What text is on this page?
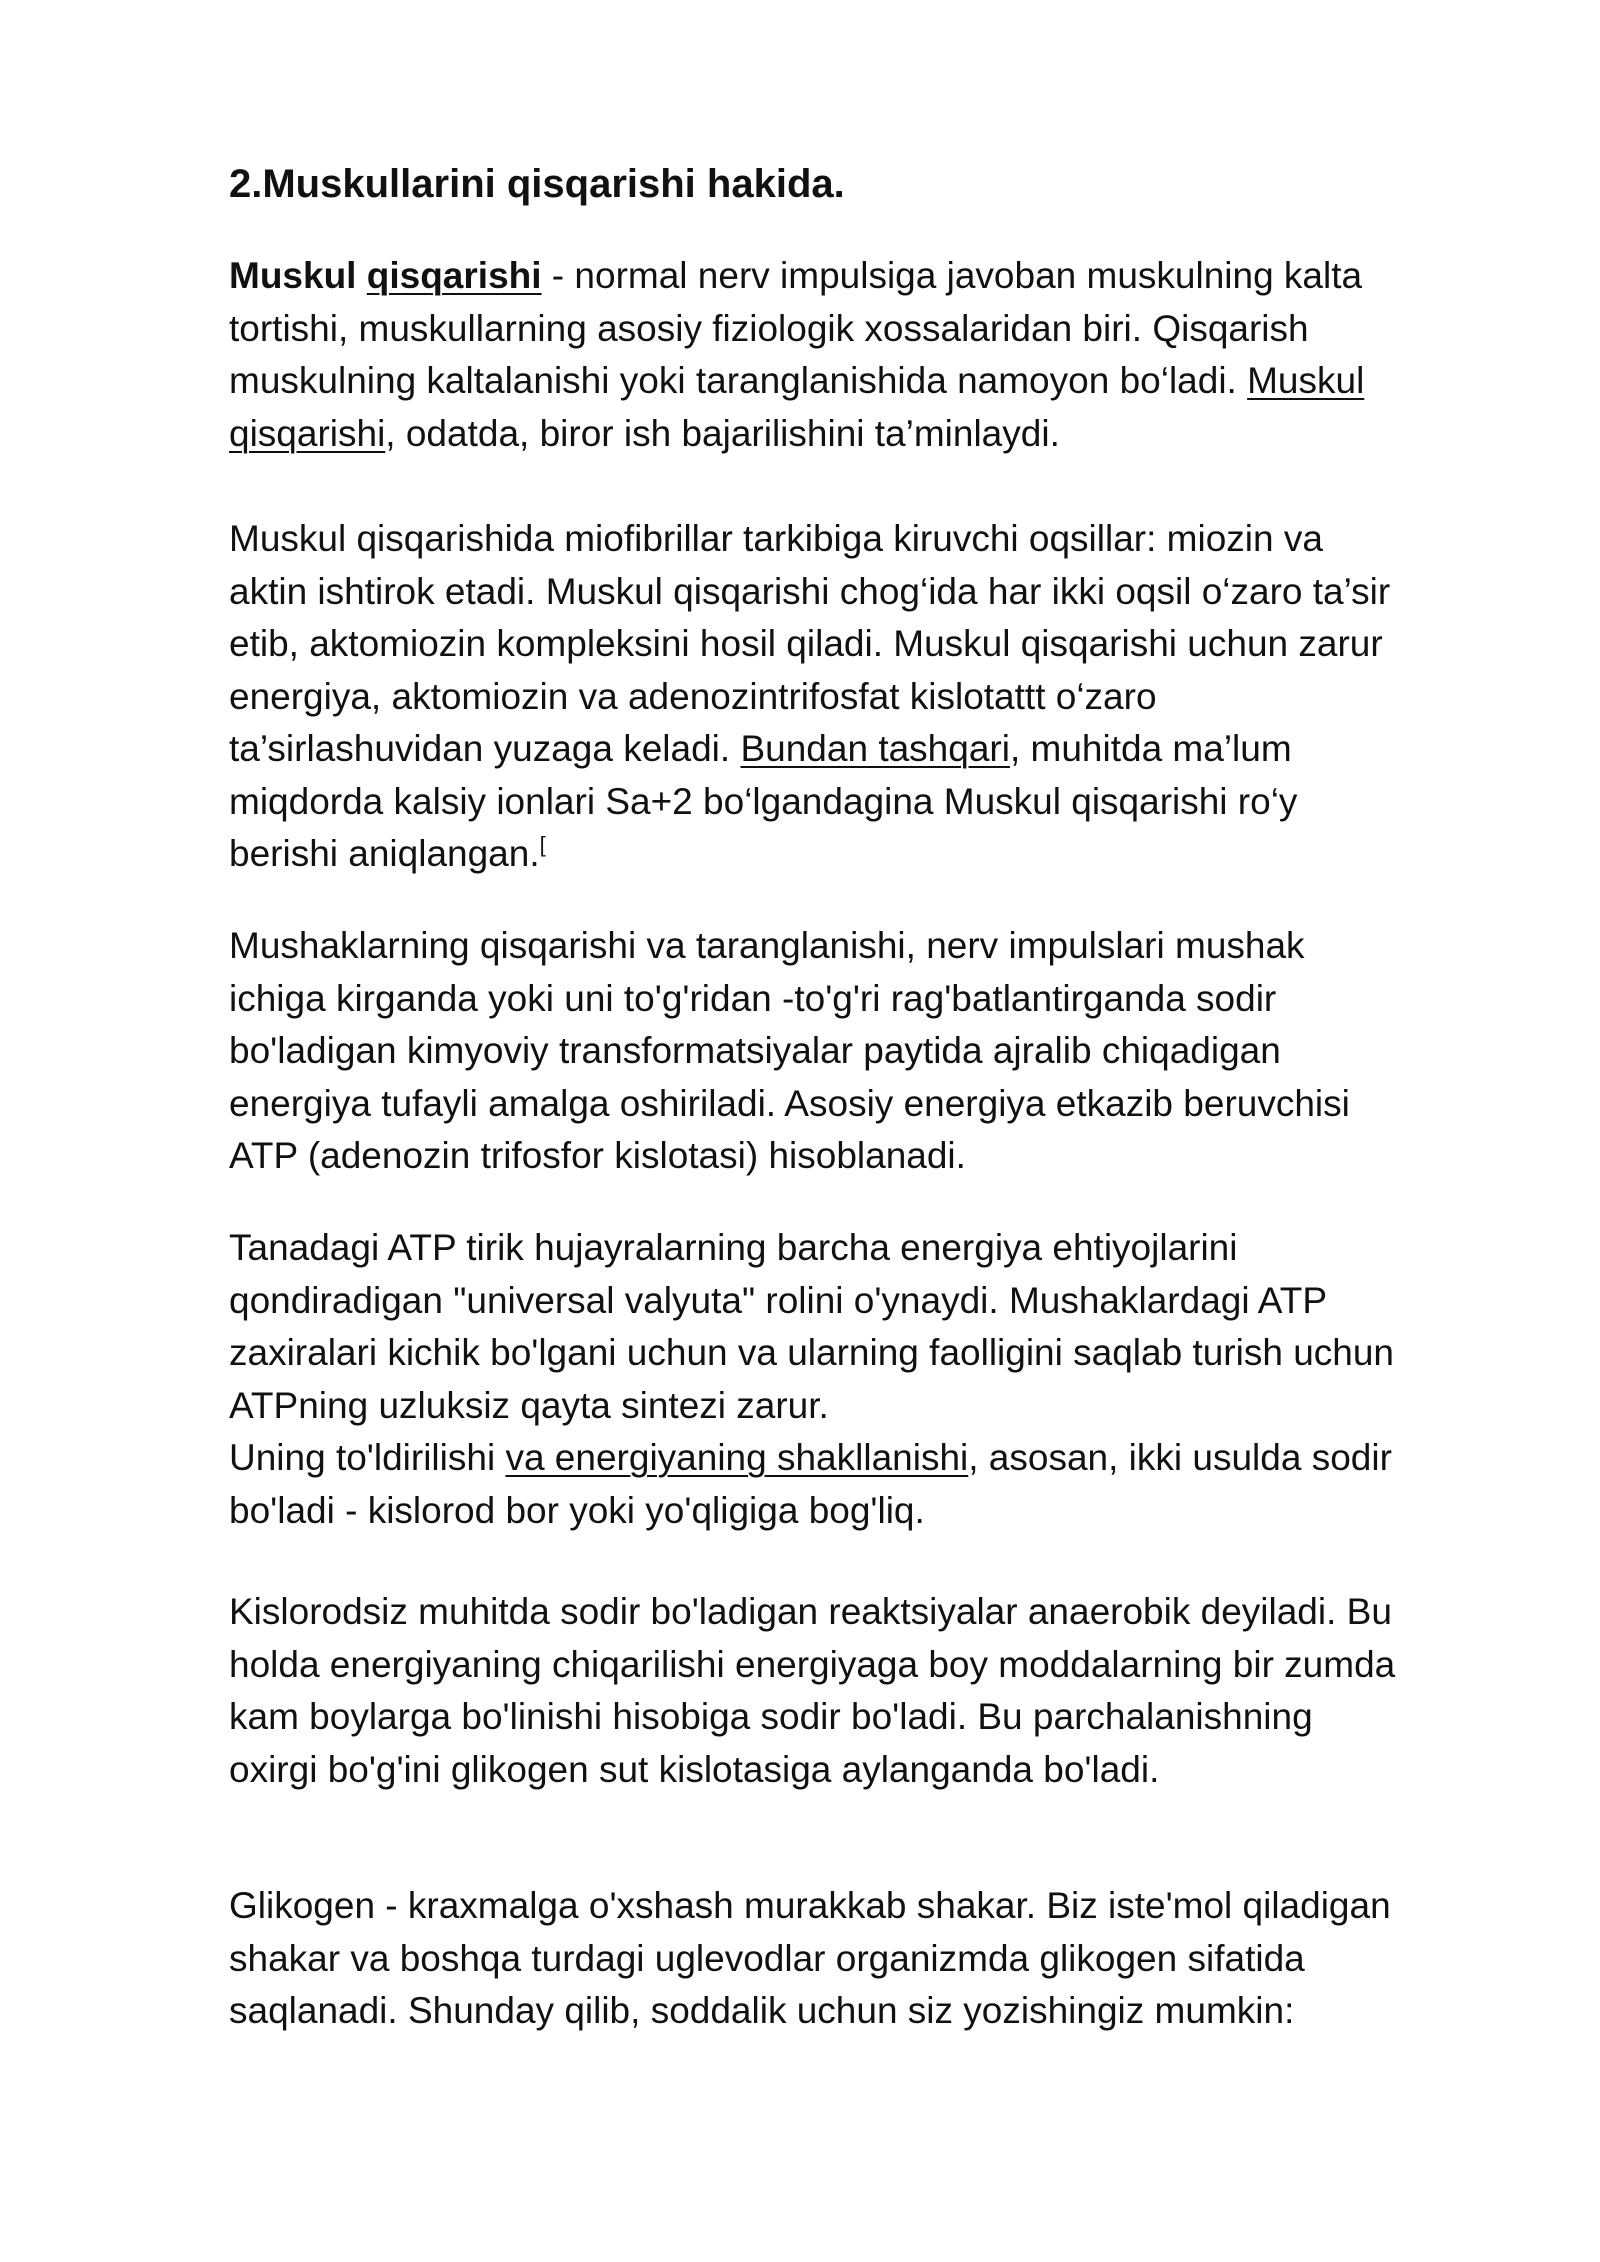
2.Muskullarini qisqarishi hakida.
Muskul qisqarishi - normal nerv impulsiga javoban muskulning kalta
tortishi, muskullarning asosiy fiziologik xossalaridan biri. Qisqarish
muskulning kaltalanishi yoki taranglanishida namoyon bo‘ladi. Muskul
qisqarishi, odatda, biror ish bajarilishini ta’minlaydi.
Muskul qisqarishida miofibrillar tarkibiga kiruvchi oqsillar: miozin va
aktin ishtirok etadi. Muskul qisqarishi chog‘ida har ikki oqsil o‘zaro ta’sir
etib, aktomiozin kompleksini hosil qiladi. Muskul qisqarishi uchun zarur
energiya, aktomiozin va adenozintrifosfat kislotattt o‘zaro
ta’sirlashuvidan yuzaga keladi. Bundan tashqari, muhitda ma’lum
miqdorda kalsiy ionlari Sa+2 bo‘lgandagina Muskul qisqarishi ro‘y
berishi aniqlangan.[
Mushaklarning qisqarishi va taranglanishi, nerv impulslari mushak
ichiga kirganda yoki uni to'g'ridan -to'g'ri rag'batlantirganda sodir
bo'ladigan kimyoviy transformatsiyalar paytida ajralib chiqadigan
energiya tufayli amalga oshiriladi. Asosiy energiya etkazib beruvchisi
ATP (adenozin trifosfor kislotasi) hisoblanadi.
Tanadagi ATP tirik hujayralarning barcha energiya ehtiyojlarini
qondiradigan "universal valyuta" rolini o'ynaydi. Mushaklardagi ATP
zaxiralari kichik bo'lgani uchun va ularning faolligini saqlab turish uchun
ATPning uzluksiz qayta sintezi zarur.
Uning to'ldirilishi va energiyaning shakllanishi, asosan, ikki usulda sodir
bo'ladi - kislorod bor yoki yo'qligiga bog'liq.
Kislorodsiz muhitda sodir bo'ladigan reaktsiyalar anaerobik deyiladi. Bu
holda energiyaning chiqarilishi energiyaga boy moddalarning bir zumda
kam boylarga bo'linishi hisobiga sodir bo'ladi. Bu parchalanishning
oxirgi bo'g'ini glikogen sut kislotasiga aylanganda bo'ladi.
Glikogen - kraxmalga o'xshash murakkab shakar. Biz iste'mol qiladigan
shakar va boshqa turdagi uglevodlar organizmda glikogen sifatida
saqlanadi. Shunday qilib, soddalik uchun siz yozishingiz mumkin:
